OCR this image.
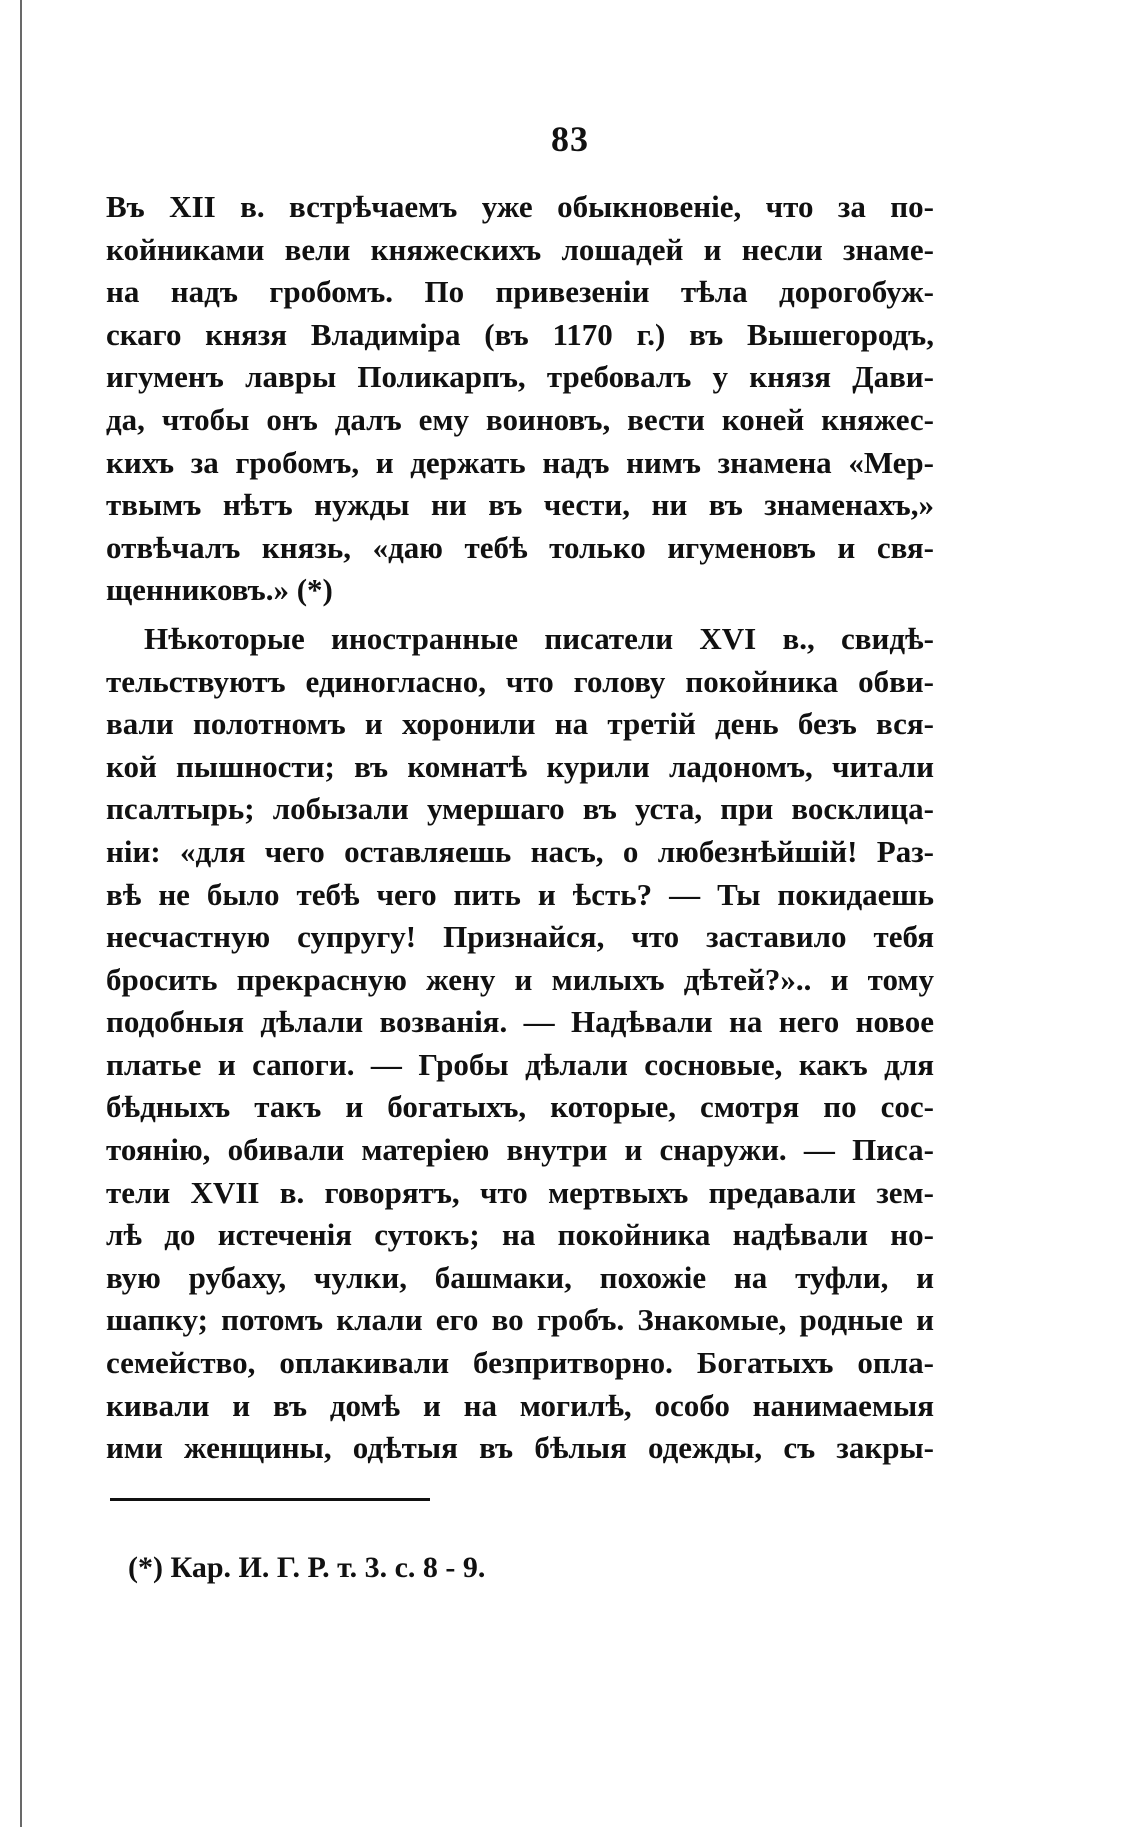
83
Въ XII в. встрѣчаемъ уже обыкновеніе, что за по-
койниками вели княжескихъ лошадей и несли знаме-
на надъ гробомъ. По привезеніи тѣла дорогобуж-
скаго князя Владиміра (въ 1170 г.) въ Вышегородъ,
игуменъ лавры Поликарпъ, требовалъ у князя Дави-
да, чтобы онъ далъ ему воиновъ, вести коней княжес-
кихъ за гробомъ, и держать надъ нимъ знамена «Мер-
твымъ нѣтъ нужды ни въ чести, ни въ знаменахъ,»
отвѣчалъ князь, «даю тебѣ только игуменовъ и свя-
щенниковъ.» (*)
Нѣкоторые иностранные писатели XVI в., свидѣ-
тельствуютъ единогласно, что голову покойника обви-
вали полотномъ и хоронили на третій день безъ вся-
кой пышности; въ комнатѣ курили ладономъ, читали
псалтырь; лобызали умершаго въ уста, при восклица-
ніи: «для чего оставляешь насъ, о любезнѣйшій! Раз-
вѣ не было тебѣ чего пить и ѣсть? — Ты покидаешь
несчастную супругу! Признайся, что заставило тебя
бросить прекрасную жену и милыхъ дѣтей?».. и тому
подобныя дѣлали возванія. — Надѣвали на него новое
платье и сапоги. — Гробы дѣлали сосновые, какъ для
бѣдныхъ такъ и богатыхъ, которые, смотря по сос-
тоянію, обивали матеріею внутри и снаружи. — Писа-
тели XVII в. говорятъ, что мертвыхъ предавали зем-
лѣ до истеченія сутокъ; на покойника надѣвали но-
вую рубаху, чулки, башмаки, похожіе на туфли, и
шапку; потомъ клали его во гробъ. Знакомые, родные и
семейство, оплакивали безпритворно. Богатыхъ опла-
кивали и въ домѣ и на могилѣ, особо нанимаемыя
ими женщины, одѣтыя въ бѣлыя одежды, съ закры-
(*) Кар. И. Г. Р. т. 3. с. 8 - 9.
